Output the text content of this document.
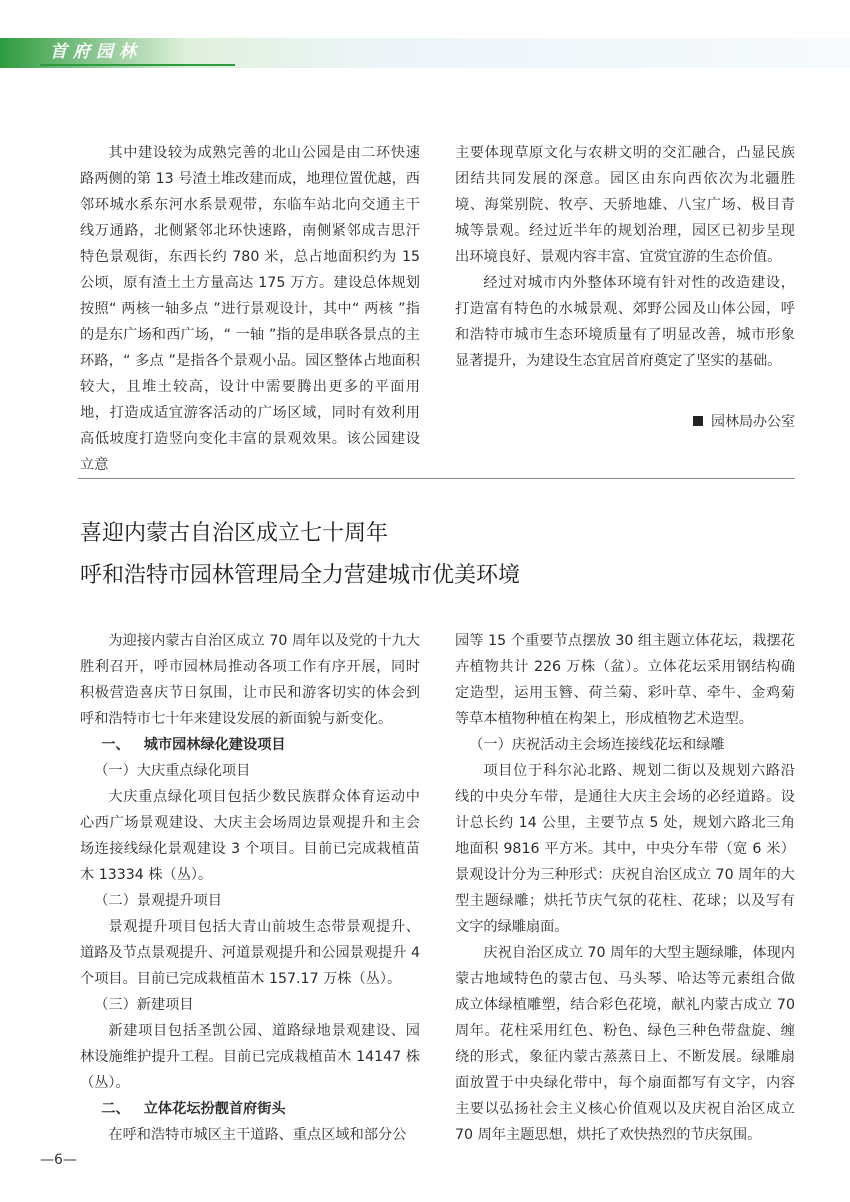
首府园林

其中建设较为成熟完善的北山公园是由二环快速路两侧的第 13 号渣土堆改建而成，地理位置优越，西邻环城水系东河水系景观带，东临车站北向交通主干线万通路，北侧紧邻北环快速路，南侧紧邻成吉思汗特色景观街，东西长约 780 米，总占地面积约为 15 公顷，原有渣土土方量高达 175 万方。建设总体规划按照“ 两核一轴多点 ”进行景观设计，其中“ 两核 ”指的是东广场和西广场，“ 一轴 ”指的是串联各景点的主环路，“ 多点 ”是指各个景观小品。园区整体占地面积较大，且堆土较高，设计中需要腾出更多的平面用地，打造成适宜游客活动的广场区域，同时有效利用高低坡度打造竖向变化丰富的景观效果。该公园建设立意

主要体现草原文化与农耕文明的交汇融合，凸显民族团结共同发展的深意。园区由东向西依次为北疆胜境、海棠别院、牧亭、天骄地雄、八宝广场、极目青城等景观。经过近半年的规划治理，园区已初步呈现出环境良好、景观内容丰富、宜赏宜游的生态价值。

经过对城市内外整体环境有针对性的改造建设，打造富有特色的水城景观、郊野公园及山体公园，呼和浩特市城市生态环境质量有了明显改善，城市形象显著提升，为建设生态宜居首府奠定了坚实的基础。

园林局办公室
喜迎内蒙古自治区成立七十周年
呼和浩特市园林管理局全力营建城市优美环境

为迎接内蒙古自治区成立 70 周年以及党的十九大胜利召开，呼市园林局推动各项工作有序开展，同时积极营造喜庆节日氛围，让市民和游客切实的体会到呼和浩特市七十年来建设发展的新面貌与新变化。

一、 城市园林绿化建设项目

（一）大庆重点绿化项目

大庆重点绿化项目包括少数民族群众体育运动中心西广场景观建设、大庆主会场周边景观提升和主会场连接线绿化景观建设 3 个项目。目前已完成栽植苗木 13334 株（丛）。

（二）景观提升项目

景观提升项目包括大青山前坡生态带景观提升、道路及节点景观提升、河道景观提升和公园景观提升 4 个项目。目前已完成栽植苗木 157.17 万株（丛）。

（三）新建项目

新建项目包括圣凯公园、道路绿地景观建设、园林设施维护提升工程。目前已完成栽植苗木 14147 株（丛）。

二、 立体花坛扮靓首府街头

在呼和浩特市城区主干道路、重点区域和部分公

园等 15 个重要节点摆放 30 组主题立体花坛，栽摆花卉植物共计 226 万株（盆）。立体花坛采用钢结构确定造型，运用玉簪、荷兰菊、彩叶草、牵牛、金鸡菊等草本植物种植在构架上，形成植物艺术造型。

（一）庆祝活动主会场连接线花坛和绿雕

项目位于科尔沁北路、规划二街以及规划六路沿线的中央分车带，是通往大庆主会场的必经道路。设计总长约 14 公里，主要节点 5 处，规划六路北三角地面积 9816 平方米。其中，中央分车带（宽 6 米）景观设计分为三种形式：庆祝自治区成立 70 周年的大型主题绿雕；烘托节庆气氛的花柱、花球；以及写有文字的绿雕扇面。

庆祝自治区成立 70 周年的大型主题绿雕，体现内蒙古地域特色的蒙古包、马头琴、哈达等元素组合做成立体绿植雕塑，结合彩色花境，献礼内蒙古成立 70 周年。花柱采用红色、粉色、绿色三种色带盘旋、缠绕的形式，象征内蒙古蒸蒸日上、不断发展。绿雕扇面放置于中央绿化带中，每个扇面都写有文字，内容主要以弘扬社会主义核心价值观以及庆祝自治区成立 70 周年主题思想，烘托了欢快热烈的节庆氛围。

—6—
